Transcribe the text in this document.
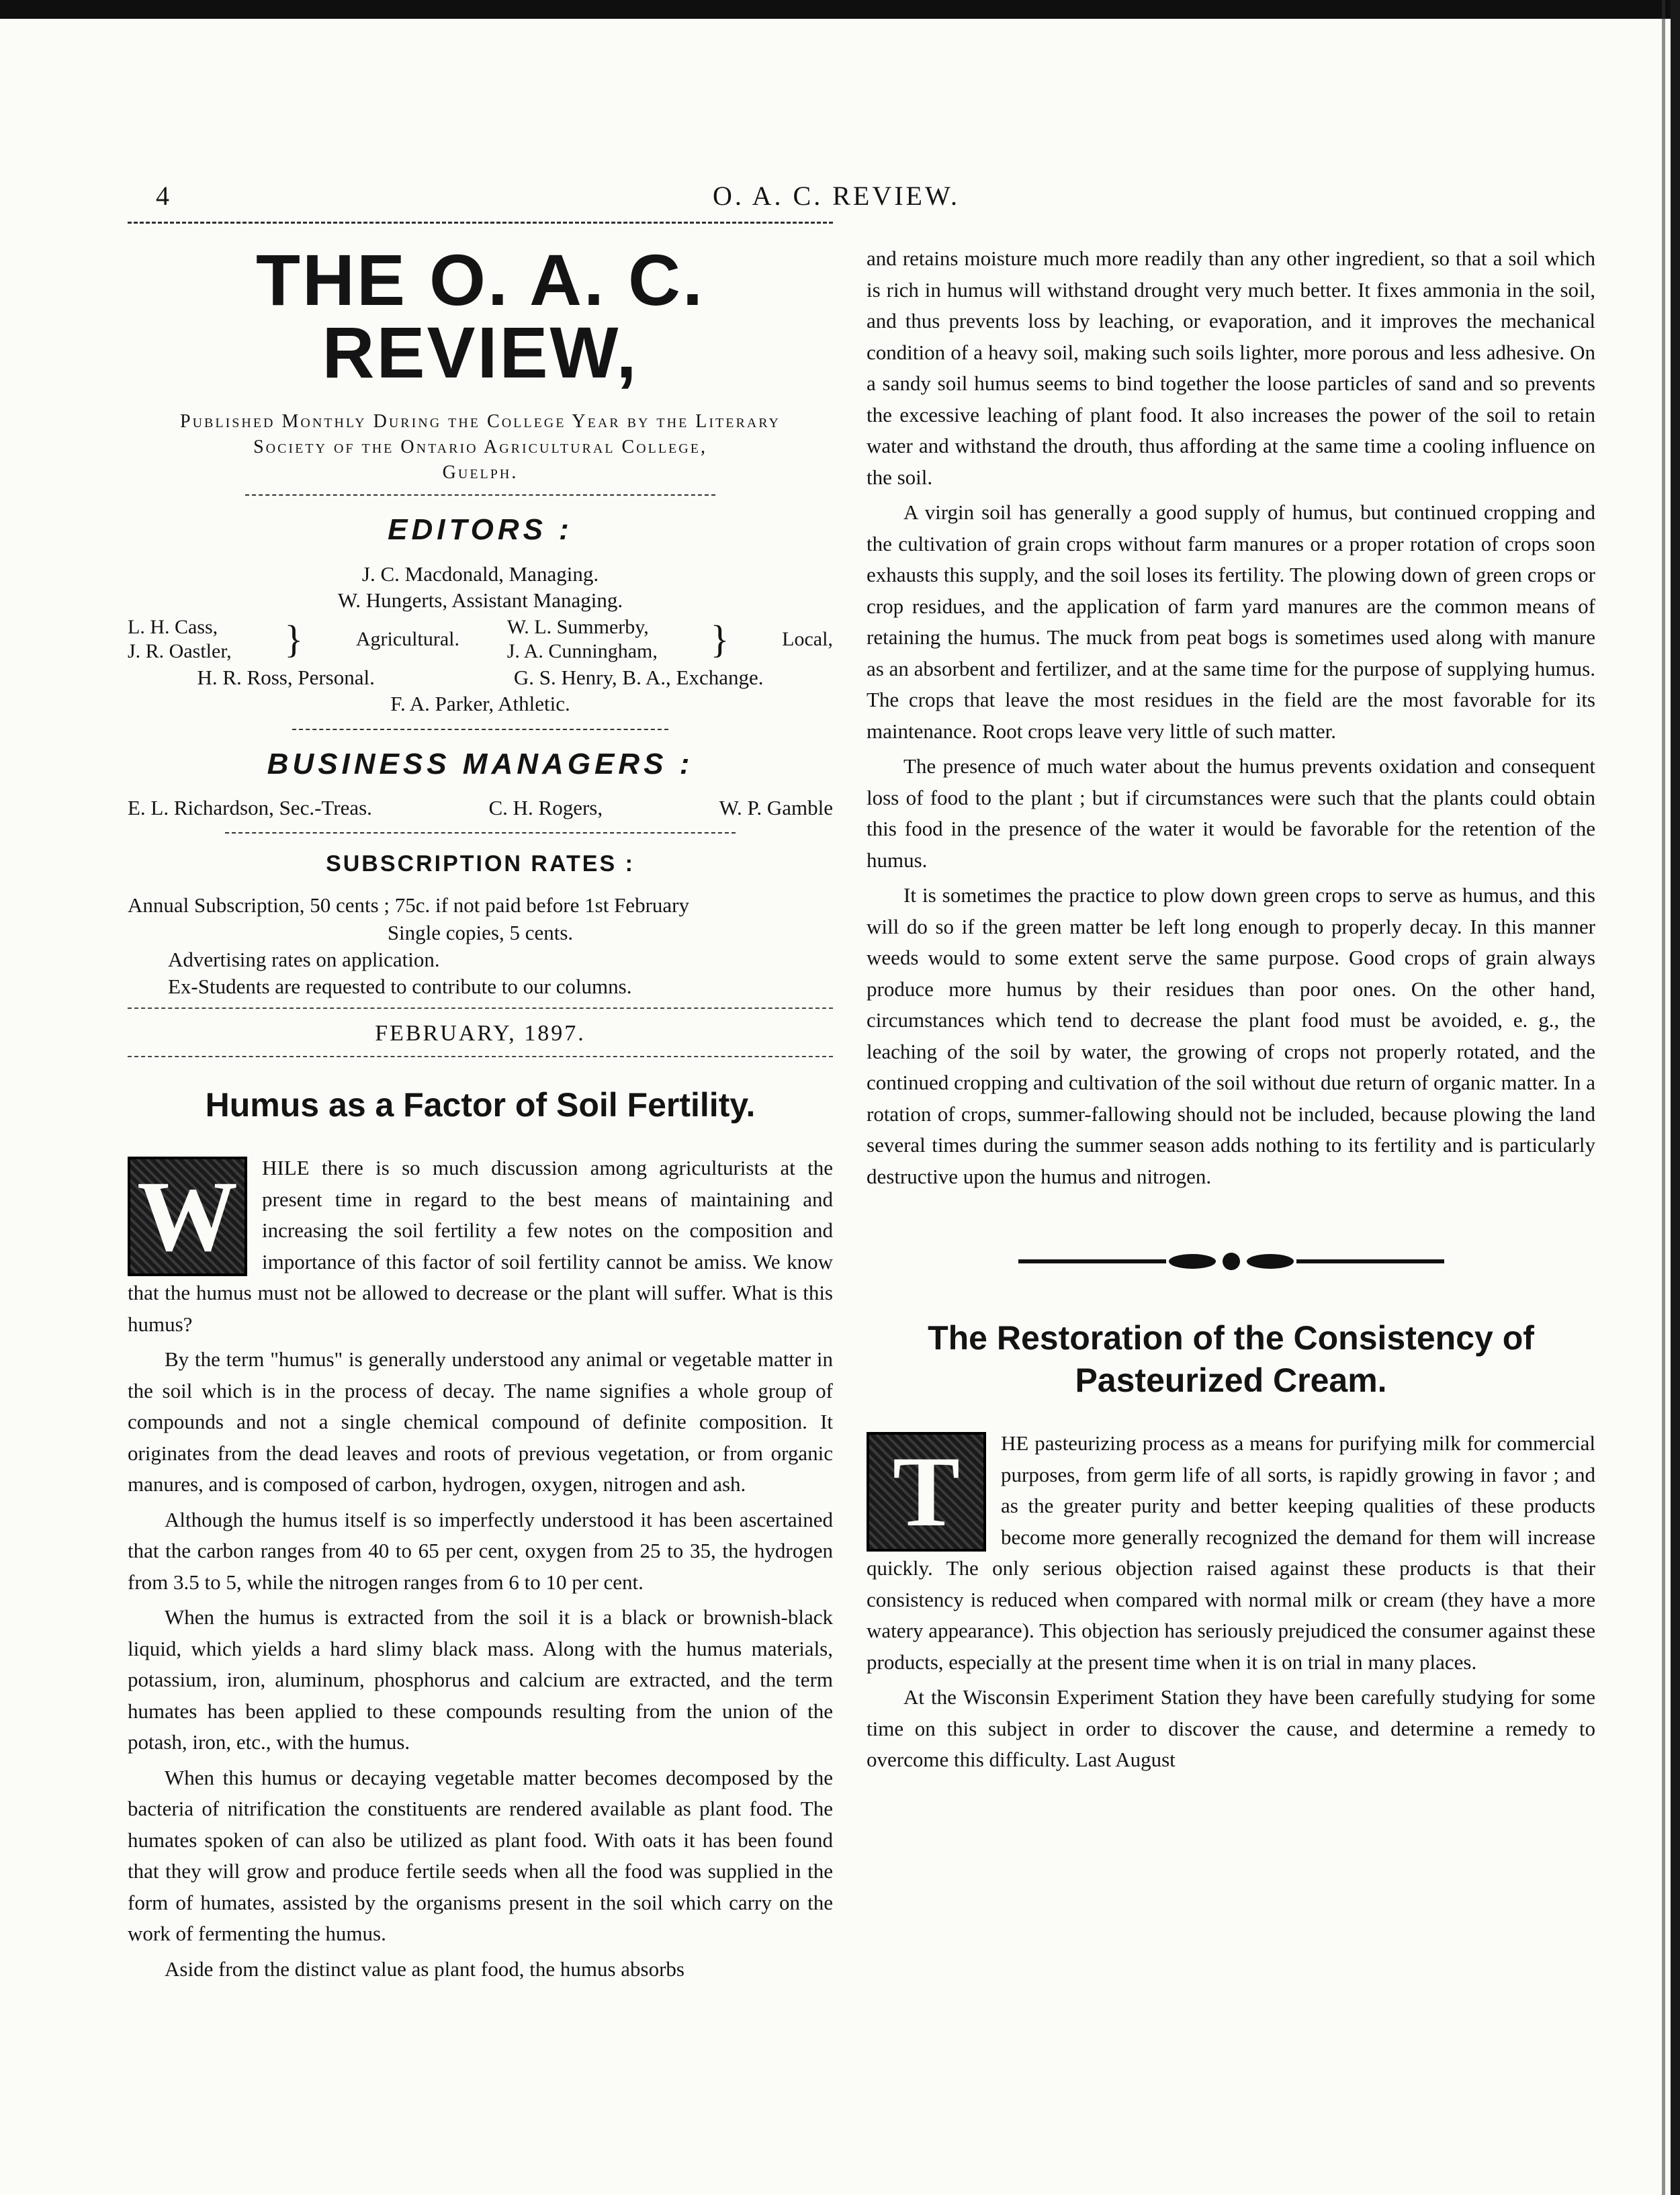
4	O. A. C. REVIEW.
THE O. A. C. REVIEW,
Published Monthly During the College Year by the Literary
Society of the Ontario Agricultural College,
Guelph.
EDITORS :
J. C. Macdonald, Managing.
W. Hungerts, Assistant Managing.
L. H. Cass,
J. R. Oastler, }	Agricultural.
W. L. Summerby,
J. A. Cunningham, }	Local,
H. R. Ross, Personal.	G. S. Henry, B. A., Exchange.
F. A. Parker, Athletic.
BUSINESS MANAGERS :
E. L. Richardson, Sec.-Treas.	C. H. Rogers,	W. P. Gamble
SUBSCRIPTION RATES :
Annual Subscription, 50 cents ; 75c. if not paid before 1st February
Single copies, 5 cents.
Advertising rates on application.
Ex-Students are requested to contribute to our columns.
FEBRUARY, 1897.
Humus as a Factor of Soil Fertility.
W	HILE there is so much discussion among agriculturists at the present time in regard to the best means of maintaining and increasing the soil fertility a few notes on the composition and importance of this factor of soil fertility cannot be amiss. We know that the humus must not be allowed to decrease or the plant will suffer. What is this humus?

By the term "humus" is generally understood any animal or vegetable matter in the soil which is in the process of decay. The name signifies a whole group of compounds and not a single chemical compound of definite composition. It originates from the dead leaves and roots of previous vegetation, or from organic manures, and is composed of carbon, hydrogen, oxygen, nitrogen and ash.

Although the humus itself is so imperfectly understood it has been ascertained that the carbon ranges from 40 to 65 per cent, oxygen from 25 to 35, the hydrogen from 3.5 to 5, while the nitrogen ranges from 6 to 10 per cent.

When the humus is extracted from the soil it is a black or brownish-black liquid, which yields a hard slimy black mass. Along with the humus materials, potassium, iron, aluminum, phosphorus and calcium are extracted, and the term humates has been applied to these compounds resulting from the union of the potash, iron, etc., with the humus.

When this humus or decaying vegetable matter becomes decomposed by the bacteria of nitrification the constituents are rendered available as plant food. The humates spoken of can also be utilized as plant food. With oats it has been found that they will grow and produce fertile seeds when all the food was supplied in the form of humates, assisted by the organisms present in the soil which carry on the work of fermenting the humus.

Aside from the distinct value as plant food, the humus absorbs

and retains moisture much more readily than any other ingredient, so that a soil which is rich in humus will withstand drought very much better. It fixes ammonia in the soil, and thus prevents loss by leaching, or evaporation, and it improves the mechanical condition of a heavy soil, making such soils lighter, more porous and less adhesive. On a sandy soil humus seems to bind together the loose particles of sand and so prevents the excessive leaching of plant food. It also increases the power of the soil to retain water and withstand the drouth, thus affording at the same time a cooling influence on the soil.

A virgin soil has generally a good supply of humus, but continued cropping and the cultivation of grain crops without farm manures or a proper rotation of crops soon exhausts this supply, and the soil loses its fertility. The plowing down of green crops or crop residues, and the application of farm yard manures are the common means of retaining the humus. The muck from peat bogs is sometimes used along with manure as an absorbent and fertilizer, and at the same time for the purpose of supplying humus. The crops that leave the most residues in the field are the most favorable for its maintenance. Root crops leave very little of such matter.

The presence of much water about the humus prevents oxidation and consequent loss of food to the plant ; but if circumstances were such that the plants could obtain this food in the presence of the water it would be favorable for the retention of the humus.

It is sometimes the practice to plow down green crops to serve as humus, and this will do so if the green matter be left long enough to properly decay. In this manner weeds would to some extent serve the same purpose. Good crops of grain always produce more humus by their residues than poor ones. On the other hand, circumstances which tend to decrease the plant food must be avoided, e. g., the leaching of the soil by water, the growing of crops not properly rotated, and the continued cropping and cultivation of the soil without due return of organic matter. In a rotation of crops, summer-fallowing should not be included, because plowing the land several times during the summer season adds nothing to its fertility and is particularly destructive upon the humus and nitrogen.

The Restoration of the Consistency of
Pasteurized Cream.
T	HE pasteurizing process as a means for purifying milk for commercial purposes, from germ life of all sorts, is rapidly growing in favor ; and as the greater purity and better keeping qualities of these products become more generally recognized the demand for them will increase quickly. The only serious objection raised against these products is that their consistency is reduced when compared with normal milk or cream (they have a more watery appearance). This objection has seriously prejudiced the consumer against these products, especially at the present time when it is on trial in many places.

At the Wisconsin Experiment Station they have been carefully studying for some time on this subject in order to discover the cause, and determine a remedy to overcome this difficulty. Last August
